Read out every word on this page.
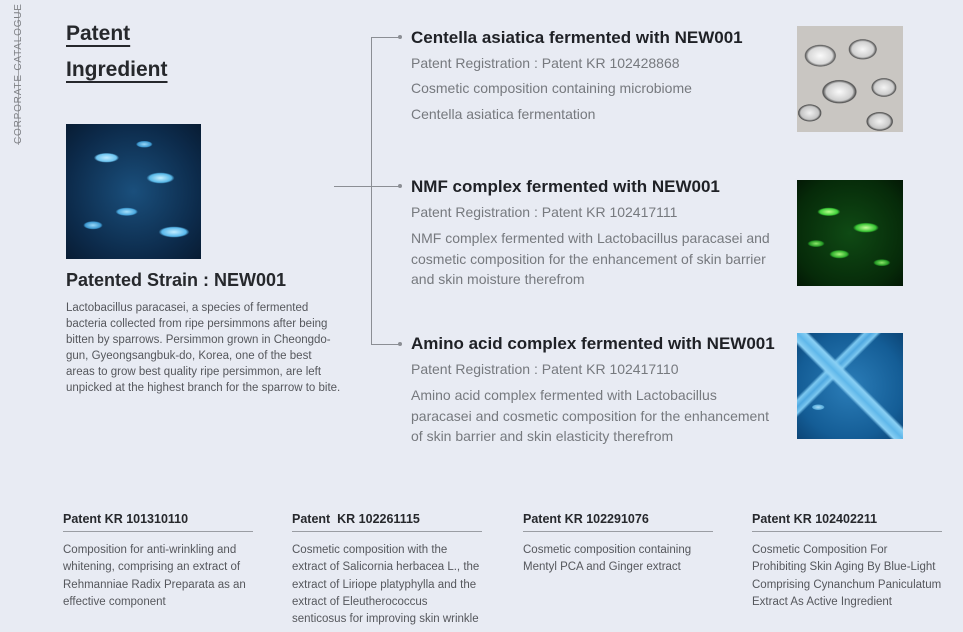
CORPORATE CATALOGUE Patent
Ingredient
Patented Strain : NEW001
Lactobacillus paracasei, a species of fermented bacteria collected from ripe persimmons after being bitten by sparrows. Persimmon grown in Cheongdo-gun, Gyeongsangbuk-do, Korea, one of the best areas to grow best quality ripe persimmon, are left unpicked at the highest branch for the sparrow to bite.
Centella asiatica fermented with NEW001
Patent Registration : Patent KR 102428868
Cosmetic composition containing microbiome
Centella asiatica fermentation
NMF complex fermented with NEW001
Patent Registration : Patent KR 102417111
NMF complex fermented with Lactobacillus paracasei and cosmetic composition for the enhancement of skin barrier and skin moisture therefrom
Amino acid complex fermented with NEW001
Patent Registration : Patent KR 102417110
Amino acid complex fermented with Lactobacillus paracasei and cosmetic composition for the enhancement of skin barrier and skin elasticity therefrom
Patent KR 101310110
Composition for anti-wrinkling and whitening, comprising an extract of Rehmanniae Radix Preparata as an effective component
Patent  KR 102261115
Cosmetic composition with the extract of Salicornia herbacea L., the extract of Liriope platyphylla and the extract of Eleutherococcus senticosus for improving skin wrinkle
Patent KR 102291076
Cosmetic composition containing Mentyl PCA and Ginger extract
Patent KR 102402211
Cosmetic Composition For Prohibiting Skin Aging By Blue-Light Comprising Cynanchum Paniculatum Extract As Active Ingredient
